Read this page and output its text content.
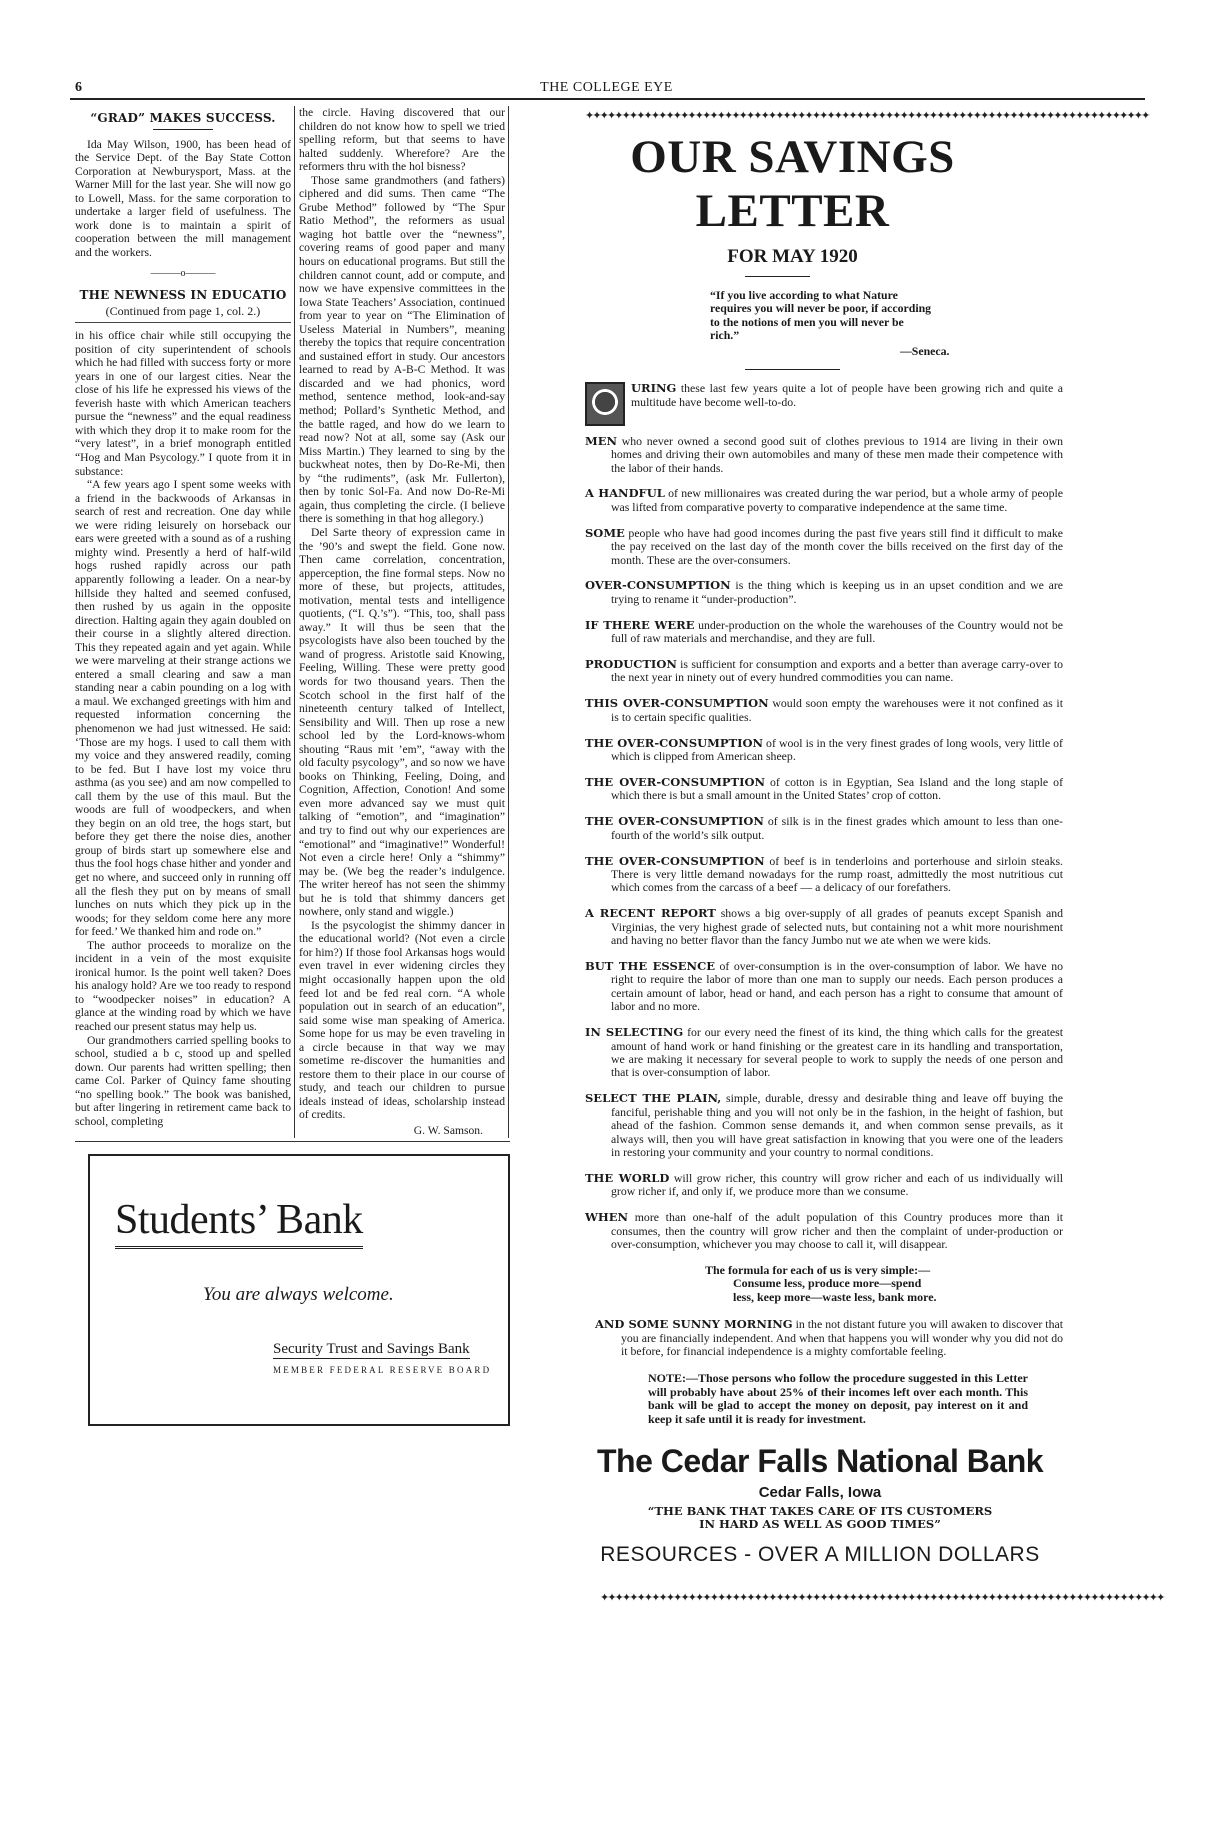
6	THE COLLEGE EYE
“GRAD” MAKES SUCCESS.

Ida May Wilson, 1900, has been head of the Service Dept. of the Bay State Cotton Corporation at Newburysport, Mass. at the Warner Mill for the last year. She will now go to Lowell, Mass. for the same corporation to undertake a larger field of usefulness. The work done is to maintain a spirit of cooperation between the mill management and the workers.

———o———
THE NEWNESS IN EDUCATIO
(Continued from page 1, col. 2.)

in his office chair while still occupying the position of city superintendent of schools which he had filled with success forty or more years in one of our largest cities. Near the close of his life he expressed his views of the feverish haste with which American teachers pursue the “newness” and the equal readiness with which they drop it to make room for the “very latest”, in a brief monograph entitled “Hog and Man Psycology.” I quote from it in substance:

“A few years ago I spent some weeks with a friend in the backwoods of Arkansas in search of rest and recreation. One day while we were riding leisurely on horseback our ears were greeted with a sound as of a rushing mighty wind. Presently a herd of half-wild hogs rushed rapidly across our path apparently following a leader. On a near-by hillside they halted and seemed confused, then rushed by us again in the opposite direction. Halting again they again doubled on their course in a slightly altered direction. This they repeated again and yet again. While we were marveling at their strange actions we entered a small clearing and saw a man standing near a cabin pounding on a log with a maul. We exchanged greetings with him and requested information concerning the phenomenon we had just witnessed. He said: ‘Those are my hogs. I used to call them with my voice and they answered readily, coming to be fed. But I have lost my voice thru asthma (as you see) and am now compelled to call them by the use of this maul. But the woods are full of woodpeckers, and when they begin on an old tree, the hogs start, but before they get there the noise dies, another group of birds start up somewhere else and thus the fool hogs chase hither and yonder and get no where, and succeed only in running off all the flesh they put on by means of small lunches on nuts which they pick up in the woods; for they seldom come here any more for feed.’ We thanked him and rode on.”

The author proceeds to moralize on the incident in a vein of the most exquisite ironical humor. Is the point well taken? Does his analogy hold? Are we too ready to respond to “woodpecker noises” in education? A glance at the winding road by which we have reached our present status may help us.

Our grandmothers carried spelling books to school, studied a b c, stood up and spelled down. Our parents had written spelling; then came Col. Parker of Quincy fame shouting “no spelling book.” The book was banished, but after lingering in retirement came back to school, completing

the circle. Having discovered that our children do not know how to spell we tried spelling reform, but that seems to have halted suddenly. Wherefore? Are the reformers thru with the hol bisness?

Those same grandmothers (and fathers) ciphered and did sums. Then came “The Grube Method” followed by “The Spur Ratio Method”, the reformers as usual waging hot battle over the “newness”, covering reams of good paper and many hours on educational programs. But still the children cannot count, add or compute, and now we have expensive committees in the Iowa State Teachers’ Association, continued from year to year on “The Elimination of Useless Material in Numbers”, meaning thereby the topics that require concentration and sustained effort in study. Our ancestors learned to read by A-B-C Method. It was discarded and we had phonics, word method, sentence method, look-and-say method; Pollard’s Synthetic Method, and the battle raged, and how do we learn to read now? Not at all, some say (Ask our Miss Martin.) They learned to sing by the buckwheat notes, then by Do-Re-Mi, then by “the rudiments”, (ask Mr. Fullerton), then by tonic Sol-Fa. And now Do-Re-Mi again, thus completing the circle. (I believe there is something in that hog allegory.)

Del Sarte theory of expression came in the ’90’s and swept the field. Gone now. Then came correlation, concentration, apperception, the fine formal steps. Now no more of these, but projects, attitudes, motivation, mental tests and intelligence quotients, (“I. Q.’s”). “This, too, shall pass away.” It will thus be seen that the psycologists have also been touched by the wand of progress. Aristotle said Knowing, Feeling, Willing. These were pretty good words for two thousand years. Then the Scotch school in the first half of the nineteenth century talked of Intellect, Sensibility and Will. Then up rose a new school led by the Lord-knows-whom shouting “Raus mit ’em”, “away with the old faculty psycology”, and so now we have books on Thinking, Feeling, Doing, and Cognition, Affection, Conotion! And some even more advanced say we must quit talking of “emotion”, and “imagination” and try to find out why our experiences are “emotional” and “imaginative!” Wonderful! Not even a circle here! Only a “shimmy” may be. (We beg the reader’s indulgence. The writer hereof has not seen the shimmy but he is told that shimmy dancers get nowhere, only stand and wiggle.)

Is the psycologist the shimmy dancer in the educational world? (Not even a circle for him?) If those fool Arkansas hogs would even travel in ever widening circles they might occasionally happen upon the old feed lot and be fed real corn. “A whole population out in search of an education”, said some wise man speaking of America. Some hope for us may be even traveling in a circle because in that way we may sometime re-discover the humanities and restore them to their place in our course of study, and teach our children to pursue ideals instead of ideas, scholarship instead of credits.

G. W. Samson.
Students’ Bank
You are always welcome.
Security Trust and Savings Bank
MEMBER FEDERAL RESERVE BOARD
✦✦✦✦✦✦✦✦✦✦✦✦✦✦✦✦✦✦✦✦✦✦✦✦✦✦✦✦✦✦✦✦✦✦✦✦✦✦✦✦✦✦✦✦✦✦✦✦✦✦✦✦✦✦✦✦✦✦✦✦✦✦✦✦✦✦✦✦✦✦✦✦✦✦✦✦✦
OUR SAVINGS LETTER
FOR MAY 1920
“If you live according to what Nature requires you will never be poor, if according to the notions of men you will never be rich.”
—Seneca.

URING these last few years quite a lot of people have been growing rich and quite a multitude have become well-to-do.

MEN who never owned a second good suit of clothes previous to 1914 are living in their own homes and driving their own automobiles and many of these men made their competence with the labor of their hands.

A HANDFUL of new millionaires was created during the war period, but a whole army of people was lifted from comparative poverty to comparative independence at the same time.

SOME people who have had good incomes during the past five years still find it difficult to make the pay received on the last day of the month cover the bills received on the first day of the month. These are the over-consumers.

OVER-CONSUMPTION is the thing which is keeping us in an upset condition and we are trying to rename it “under-production”.

IF THERE WERE under-production on the whole the warehouses of the Country would not be full of raw materials and merchandise, and they are full.

PRODUCTION is sufficient for consumption and exports and a better than average carry-over to the next year in ninety out of every hundred commodities you can name.

THIS OVER-CONSUMPTION would soon empty the warehouses were it not confined as it is to certain specific qualities.

THE OVER-CONSUMPTION of wool is in the very finest grades of long wools, very little of which is clipped from American sheep.

THE OVER-CONSUMPTION of cotton is in Egyptian, Sea Island and the long staple of which there is but a small amount in the United States’ crop of cotton.

THE OVER-CONSUMPTION of silk is in the finest grades which amount to less than one-fourth of the world’s silk output.

THE OVER-CONSUMPTION of beef is in tenderloins and porterhouse and sirloin steaks. There is very little demand nowadays for the rump roast, admittedly the most nutritious cut which comes from the carcass of a beef — a delicacy of our forefathers.

A RECENT REPORT shows a big over-supply of all grades of peanuts except Spanish and Virginias, the very highest grade of selected nuts, but containing not a whit more nourishment and having no better flavor than the fancy Jumbo nut we ate when we were kids.

BUT THE ESSENCE of over-consumption is in the over-consumption of labor. We have no right to require the labor of more than one man to supply our needs. Each person produces a certain amount of labor, head or hand, and each person has a right to consume that amount of labor and no more.

IN SELECTING for our every need the finest of its kind, the thing which calls for the greatest amount of hand work or hand finishing or the greatest care in its handling and transportation, we are making it necessary for several people to work to supply the needs of one person and that is over-consumption of labor.

SELECT THE PLAIN, simple, durable, dressy and desirable thing and leave off buying the fanciful, perishable thing and you will not only be in the fashion, in the height of fashion, but ahead of the fashion. Common sense demands it, and when common sense prevails, as it always will, then you will have great satisfaction in knowing that you were one of the leaders in restoring your community and your country to normal conditions.

THE WORLD will grow richer, this country will grow richer and each of us individually will grow richer if, and only if, we produce more than we consume.

WHEN more than one-half of the adult population of this Country produces more than it consumes, then the country will grow richer and then the complaint of under-production or over-consumption, whichever you may choose to call it, will disappear.

The formula for each of us is very simple:—
Consume less, produce more—spend
less, keep more—waste less, bank more.
AND SOME SUNNY MORNING in the not distant future you will awaken to discover that you are financially independent. And when that happens you will wonder why you did not do it before, for financial independence is a mighty comfortable feeling.
NOTE:—Those persons who follow the procedure suggested in this Letter will probably have about 25% of their incomes left over each month. This bank will be glad to accept the money on deposit, pay interest on it and keep it safe until it is ready for investment.
The Cedar Falls National Bank
Cedar Falls, Iowa
“THE BANK THAT TAKES CARE OF ITS CUSTOMERS
IN HARD AS WELL AS GOOD TIMES”
RESOURCES - OVER A MILLION DOLLARS
✦✦✦✦✦✦✦✦✦✦✦✦✦✦✦✦✦✦✦✦✦✦✦✦✦✦✦✦✦✦✦✦✦✦✦✦✦✦✦✦✦✦✦✦✦✦✦✦✦✦✦✦✦✦✦✦✦✦✦✦✦✦✦✦✦✦✦✦✦✦✦✦✦✦✦✦✦
